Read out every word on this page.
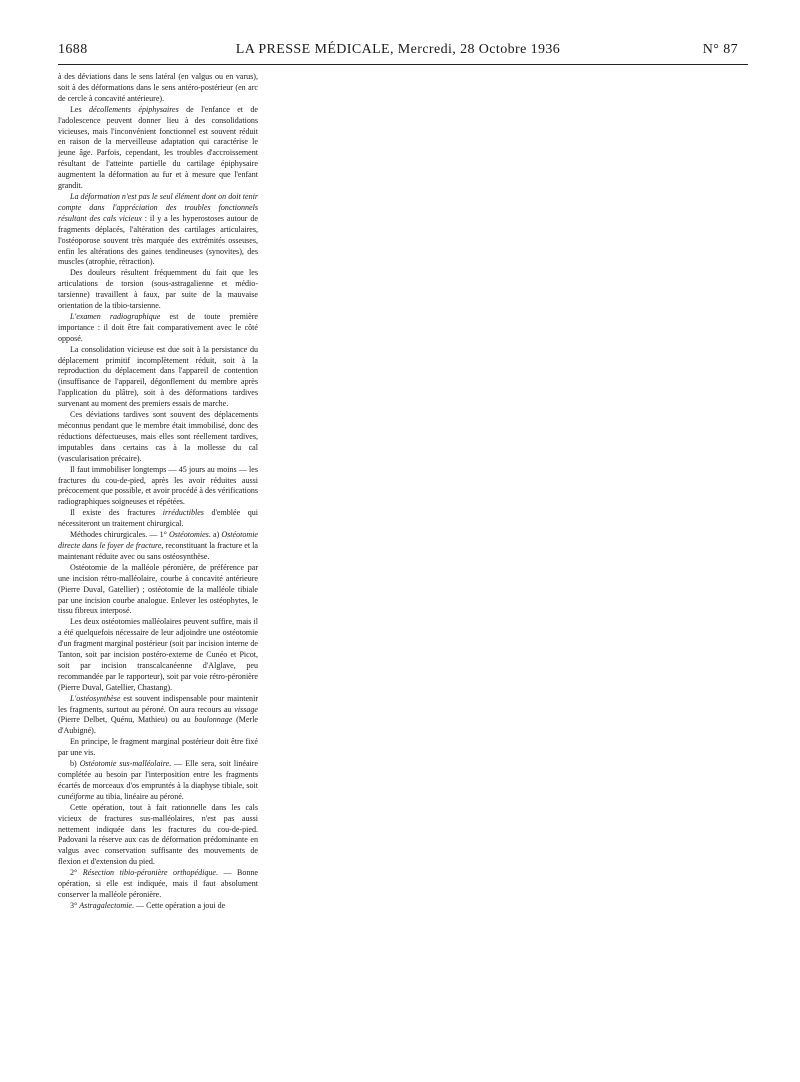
1688	LA PRESSE MÉDICALE, Mercredi, 28 Octobre 1936	N° 87

à des déviations dans le sens latéral (en valgus ou en varus), soit à des déformations dans le sens antéro-postérieur (en arc de cercle à concavité antérieure).

Les décollements épiphysaires de l'enfance et de l'adolescence peuvent donner lieu à des consolidations vicieuses, mais l'inconvénient fonctionnel est souvent réduit en raison de la merveilleuse adaptation qui caractérise le jeune âge. Parfois, cependant, les troubles d'accroissement résultant de l'atteinte partielle du cartilage épiphysaire augmentent la déformation au fur et à mesure que l'enfant grandit.

La déformation n'est pas le seul élément dont on doit tenir compte dans l'appréciation des troubles fonctionnels résultant des cals vicieux : il y a les hyperostoses autour de fragments déplacés, l'altération des cartilages articulaires, l'ostéoporose souvent très marquée des extrémités osseuses, enfin les altérations des gaines tendineuses (synovites), des muscles (atrophie, rétraction).

Des douleurs résultent fréquemment du fait que les articulations de torsion (sous-astragalienne et médio-tarsienne) travaillent à faux, par suite de la mauvaise orientation de la tibio-tarsienne.

L'examen radiographique est de toute première importance : il doit être fait comparativement avec le côté opposé.

La consolidation vicieuse est due soit à la persistance du déplacement primitif incomplètement réduit, soit à la reproduction du déplacement dans l'appareil de contention (insuffisance de l'appareil, dégonflement du membre après l'application du plâtre), soit à des déformations tardives survenant au moment des premiers essais de marche.

Ces déviations tardives sont souvent des déplacements méconnus pendant que le membre était immobilisé, donc des réductions défectueuses, mais elles sont réellement tardives, imputables dans certains cas à la mollesse du cal (vascularisation précaire).

Il faut immobiliser longtemps — 45 jours au moins — les fractures du cou-de-pied, après les avoir réduites aussi précocement que possible, et avoir procédé à des vérifications radiographiques soigneuses et répétées.

Il existe des fractures irréductibles d'emblée qui nécessiteront un traitement chirurgical.

Méthodes chirurgicales. — 1° Ostéotomies. a) Ostéotomie directe dans le foyer de fracture, reconstituant la fracture et la maintenant réduite avec ou sans ostéosynthèse.

Ostéotomie de la malléole péronière, de préférence par une incision rétro-malléolaire, courbe à concavité antérieure (Pierre Duval, Gatellier) ; ostéotomie de la malléole tibiale par une incision courbe analogue. Enlever les ostéophytes, le tissu fibreux interposé.

Les deux ostéotomies malléolaires peuvent suffire, mais il a été quelquefois nécessaire de leur adjoindre une ostéotomie d'un fragment marginal postérieur (soit par incision interne de Tanton, soit par incision postéro-externe de Cunéo et Picot, soit par incision transcalcanéenne d'Alglave, peu recommandée par le rapporteur), soit par voie rétro-péronière (Pierre Duval, Gatellier, Chastang).

L'ostéosynthèse est souvent indispensable pour maintenir les fragments, surtout au péroné. On aura recours au vissage (Pierre Delbet, Quénu, Mathieu) ou au boulonnage (Merle d'Aubigné).

En principe, le fragment marginal postérieur doit être fixé par une vis.

b) Ostéotomie sus-malléolaire. — Elle sera, soit linéaire complétée au besoin par l'interposition entre les fragments écartés de morceaux d'os empruntés à la diaphyse tibiale, soit cunéiforme au tibia, linéaire au péroné.

Cette opération, tout à fait rationnelle dans les cals vicieux de fractures sus-malléolaires, n'est pas aussi nettement indiquée dans les fractures du cou-de-pied. Padovani la réserve aux cas de déformation prédominante en valgus avec conservation suffisante des mouvements de flexion et d'extension du pied.

2° Résection tibio-péronière orthopédique. — Bonne opération, si elle est indiquée, mais il faut absolument conserver la malléole péronière.

3° Astragalectomie. — Cette opération a joui de
